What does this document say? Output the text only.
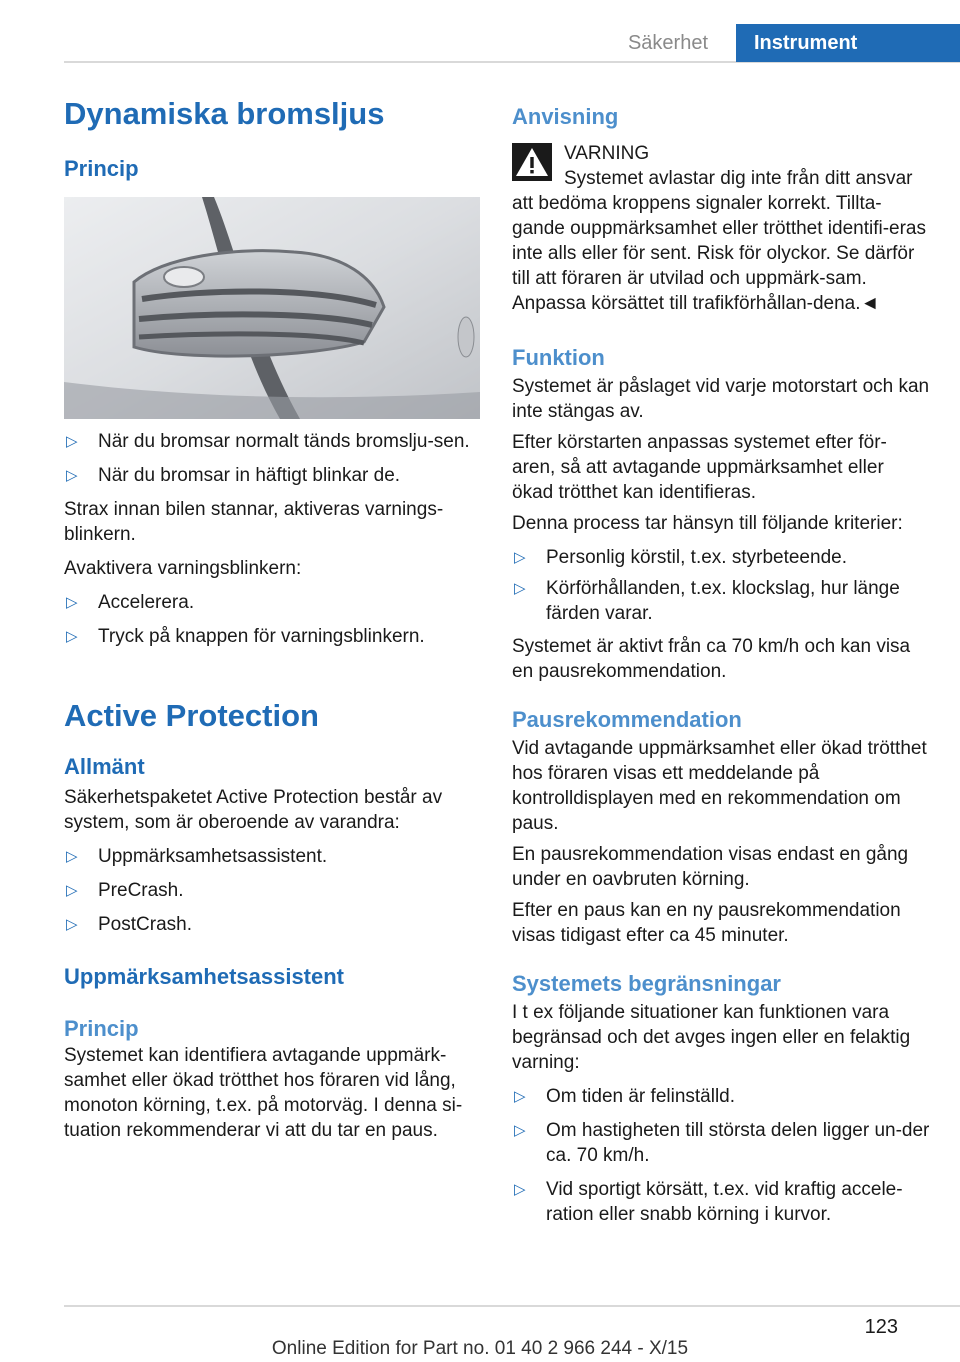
Säkerhet	Instrument
Dynamiska bromsljus
Princip
▷ När du bromsar normalt tänds bromslju-sen.
▷ När du bromsar in häftigt blinkar de.

Strax innan bilen stannar, aktiveras varnings-blinkern.

Avaktivera varningsblinkern:

▷ Accelerera.
▷ Tryck på knappen för varningsblinkern.
Active Protection
Allmänt

Säkerhetspaketet Active Protection består av system, som är oberoende av varandra:

▷ Uppmärksamhetsassistent.
▷ PreCrash.
▷ PostCrash.
Uppmärksamhetsassistent
Princip

Systemet kan identifiera avtagande uppmärk-samhet eller ökad trötthet hos föraren vid lång, monoton körning, t.ex. på motorväg. I denna si-tuation rekommenderar vi att du tar en paus.

Anvisning

VARNING

Systemet avlastar dig inte från ditt ansvar att bedöma kroppens signaler korrekt. Tillta-gande ouppmärksamhet eller trötthet identifi-eras inte alls eller för sent. Risk för olyckor. Se därför till att föraren är utvilad och uppmärk-sam. Anpassa körsättet till trafikförhållan-dena.◄

Funktion

Systemet är påslaget vid varje motorstart och kan inte stängas av.

Efter körstarten anpassas systemet efter för-aren, så att avtagande uppmärksamhet eller ökad trötthet kan identifieras.

Denna process tar hänsyn till följande kriterier:

▷ Personlig körstil, t.ex. styrbeteende.
▷ Körförhållanden, t.ex. klockslag, hur länge färden varar.

Systemet är aktivt från ca 70 km/h och kan visa en pausrekommendation.

Pausrekommendation

Vid avtagande uppmärksamhet eller ökad trötthet hos föraren visas ett meddelande på kontrolldisplayen med en rekommendation om paus.

En pausrekommendation visas endast en gång under en oavbruten körning.

Efter en paus kan en ny pausrekommendation visas tidigast efter ca 45 minuter.

Systemets begränsningar

I t ex följande situationer kan funktionen vara begränsad och det avges ingen eller en felaktig varning:

▷ Om tiden är felinställd.
▷ Om hastigheten till största delen ligger un-der ca. 70 km/h.
▷ Vid sportigt körsätt, t.ex. vid kraftig accele-ration eller snabb körning i kurvor.
123
Online Edition for Part no. 01 40 2 966 244 - X/15
